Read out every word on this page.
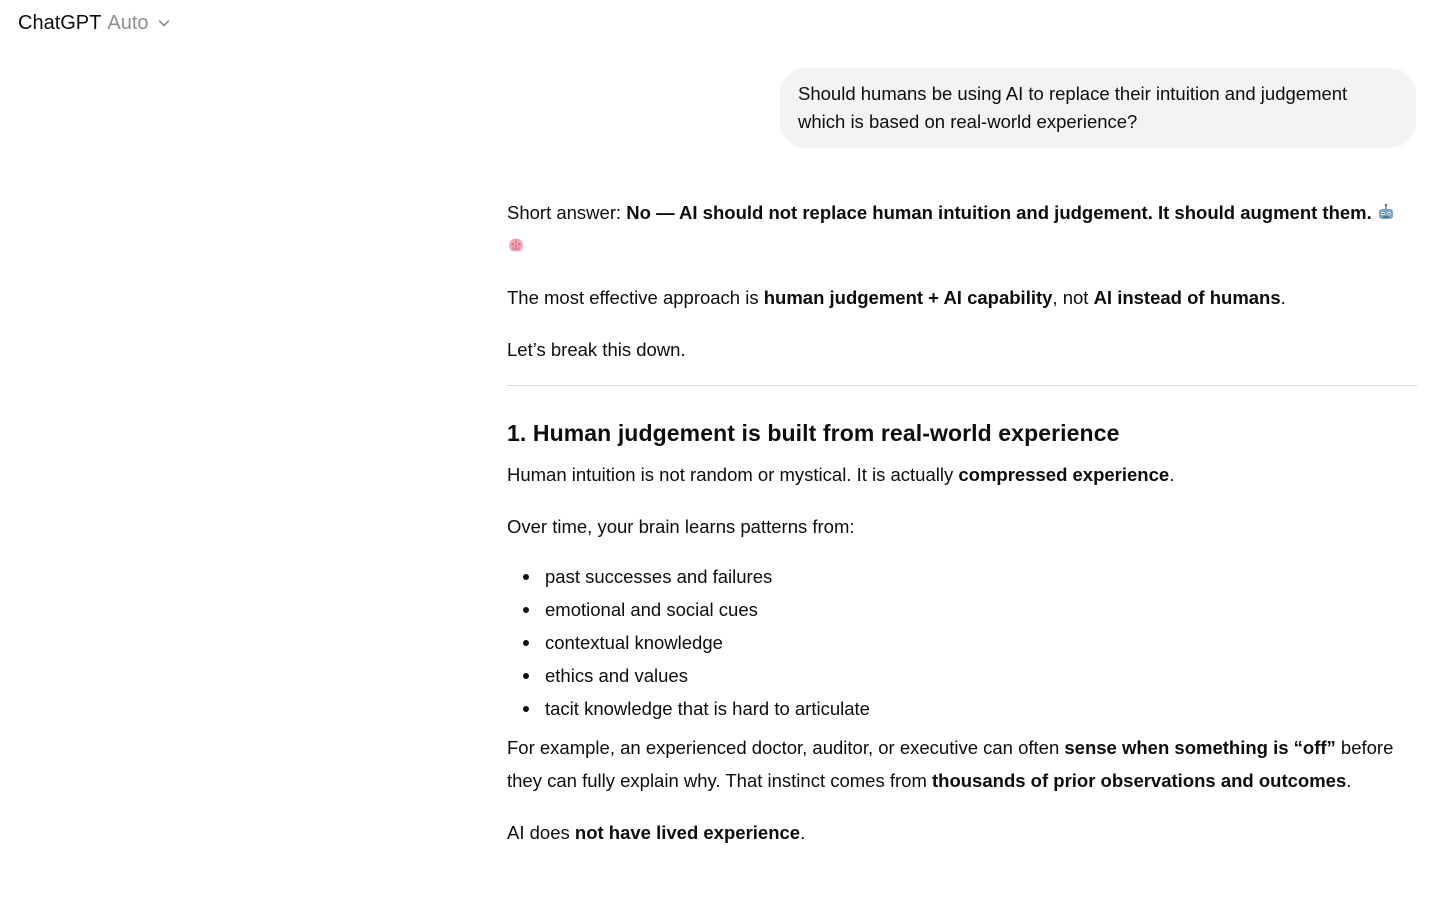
ChatGPT Auto
Should humans be using AI to replace their intuition and judgement which is based on real-world experience?

Short answer: No — AI should not replace human intuition and judgement. It should augment them.

The most effective approach is human judgement + AI capability, not AI instead of humans.

Let’s break this down.

1. Human judgement is built from real-world experience

Human intuition is not random or mystical. It is actually compressed experience.

Over time, your brain learns patterns from:

past successes and failures
emotional and social cues
contextual knowledge
ethics and values
tacit knowledge that is hard to articulate

For example, an experienced doctor, auditor, or executive can often sense when something is “off” before they can fully explain why. That instinct comes from thousands of prior observations and outcomes.

AI does not have lived experience.
